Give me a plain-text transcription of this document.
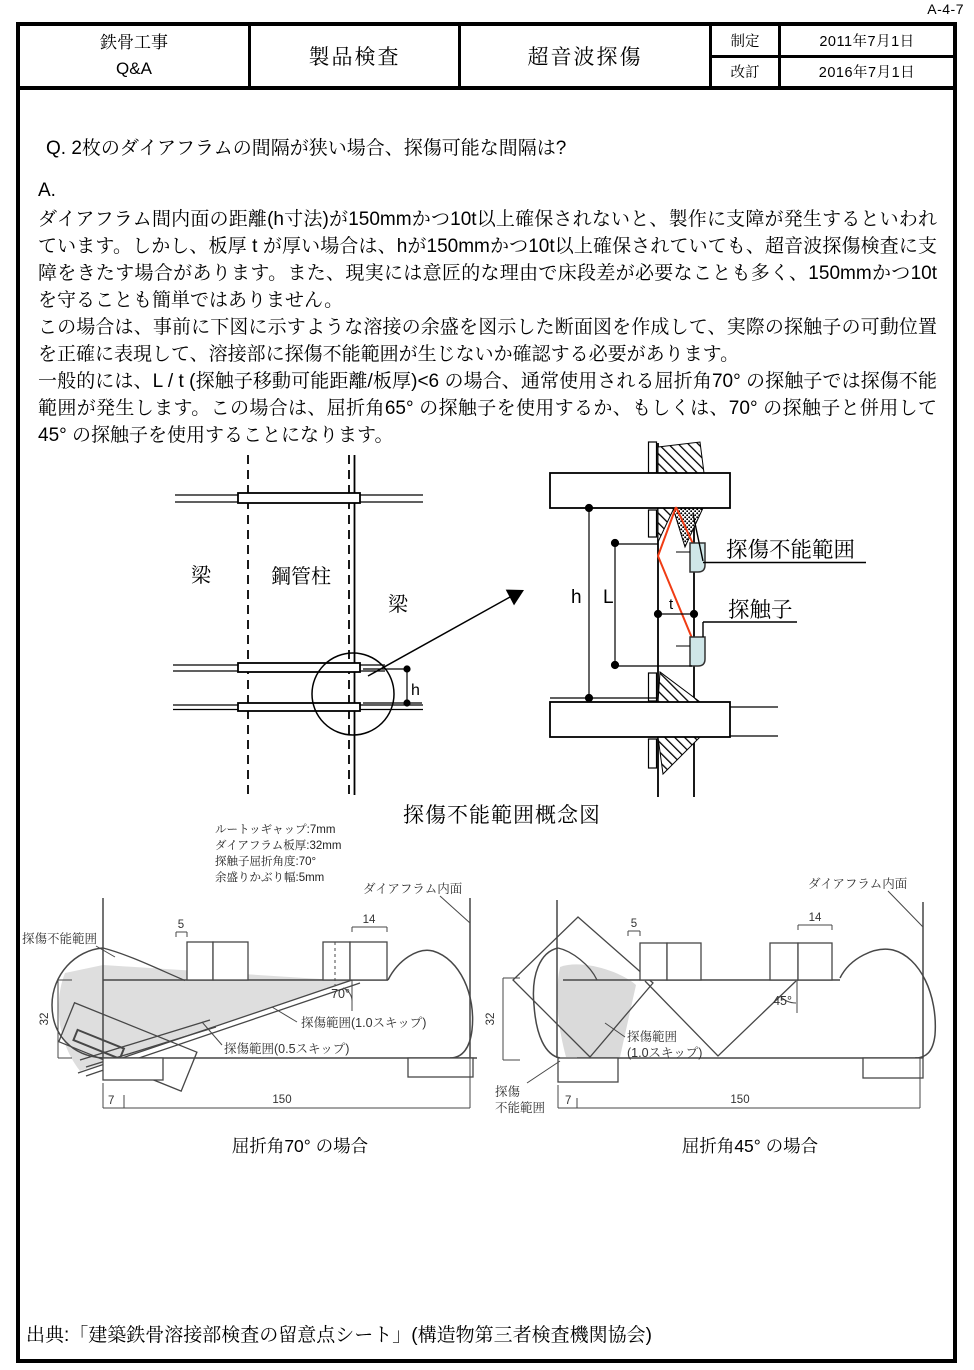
A-4-7
鉄骨工事
Q&A	製品検査	超音波探傷
制定	2011年7月1日
改訂	2016年7月1日
Q. 2枚のダイアフラムの間隔が狭い場合、探傷可能な間隔は?
A.

ダイアフラム間内面の距離(h寸法)が150mmかつ10t以上確保されないと、製作に支障が発生するといわれています。しかし、板厚 t が厚い場合は、hが150mmかつ10t以上確保されていても、超音波探傷検査に支障をきたす場合があります。また、現実には意匠的な理由で床段差が必要なことも多く、150mmかつ10tを守ることも簡単ではありません。

この場合は、事前に下図に示すような溶接の余盛を図示した断面図を作成して、実際の探触子の可動位置を正確に表現して、溶接部に探傷不能範囲が生じないか確認する必要があります。

一般的には、L / t (探触子移動可能距離/板厚)<6 の場合、通常使用される屈折角70° の探触子では探傷不能範囲が発生します。この場合は、屈折角65° の探触子を使用するか、もしくは、70° の探触子と併用して 45° の探触子を使用することになります。

梁	鋼管柱
梁
h
h L	t
探傷不能範囲
探触子
探傷不能範囲概念図
ルートッギャップ:7mm
ダイアフラム板厚:32mm
探触子屈折角度:70°
余盛りかぶり幅:5mm
ダイアフラム内面
探傷不能範囲
5	14
70°
32	探傷範囲(1.0スキップ)
探傷範囲(0.5スキップ)
7	150
ダイアフラム内面
5	14
45°
32
探傷範囲
(1.0スキップ)
探傷
不能範囲 7	150
屈折角70° の場合	屈折角45° の場合
出典:「建築鉄骨溶接部検査の留意点シート」(構造物第三者検査機関協会)
